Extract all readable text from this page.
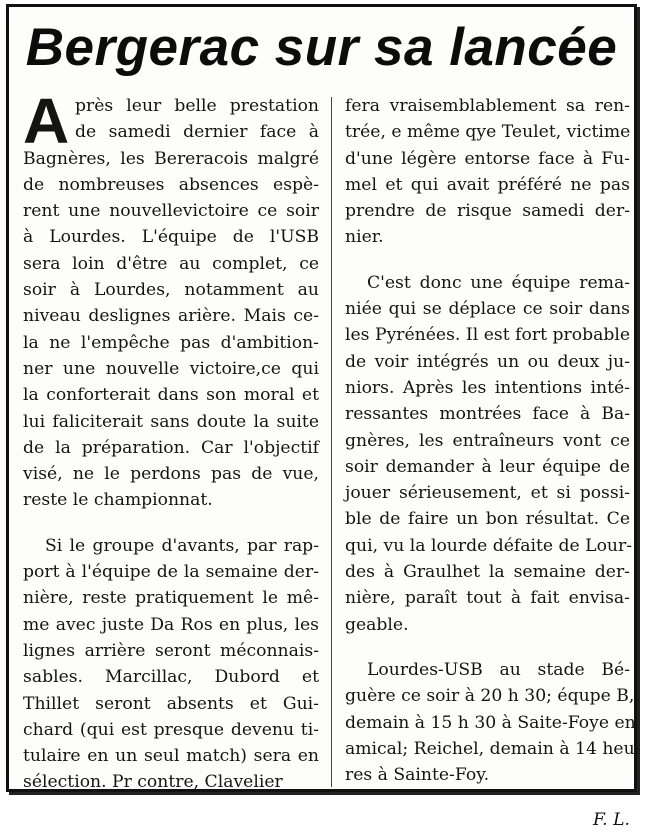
Bergerac sur sa lancée
A près leur belle prestation
de samedi dernier face à
Bagnères, les Bereracois malgré
de nombreuses absences espè-
rent une nouvellevictoire ce soir
à Lourdes. L'équipe de l'USB
sera loin d'être au complet, ce
soir à Lourdes, notamment au
niveau deslignes arière. Mais ce-
la ne l'empêche pas d'ambition-
ner une nouvelle victoire,ce qui
la conforterait dans son moral et
lui faliciterait sans doute la suite
de la préparation. Car l'objectif
visé, ne le perdons pas de vue,
reste le championnat.
Si le groupe d'avants, par rap-
port à l'équipe de la semaine der-
nière, reste pratiquement le mê-
me avec juste Da Ros en plus, les
lignes arrière seront méconnais-
sables. Marcillac, Dubord et
Thillet seront absents et Gui-
chard (qui est presque devenu ti-
tulaire en un seul match) sera en
sélection. Pr contre, Clavelier
fera vraisemblablement sa ren-
trée, e même qye Teulet, victime
d'une légère entorse face à Fu-
mel et qui avait préféré ne pas
prendre de risque samedi der-
nier.
C'est donc une équipe rema-
niée qui se déplace ce soir dans
les Pyrénées. Il est fort probable
de voir intégrés un ou deux ju-
niors. Après les intentions inté-
ressantes montrées face à Ba-
gnères, les entraîneurs vont ce
soir demander à leur équipe de
jouer sérieusement, et si possi-
ble de faire un bon résultat. Ce
qui, vu la lourde défaite de Lour-
des à Graulhet la semaine der-
nière, paraît tout à fait envisa-
geable.
Lourdes-USB au stade Bé-
guère ce soir à 20 h 30; équpe B,
demain à 15 h 30 à Saite-Foye en
amical; Reichel, demain à 14 heu-
res à Sainte-Foy.
F. L.
